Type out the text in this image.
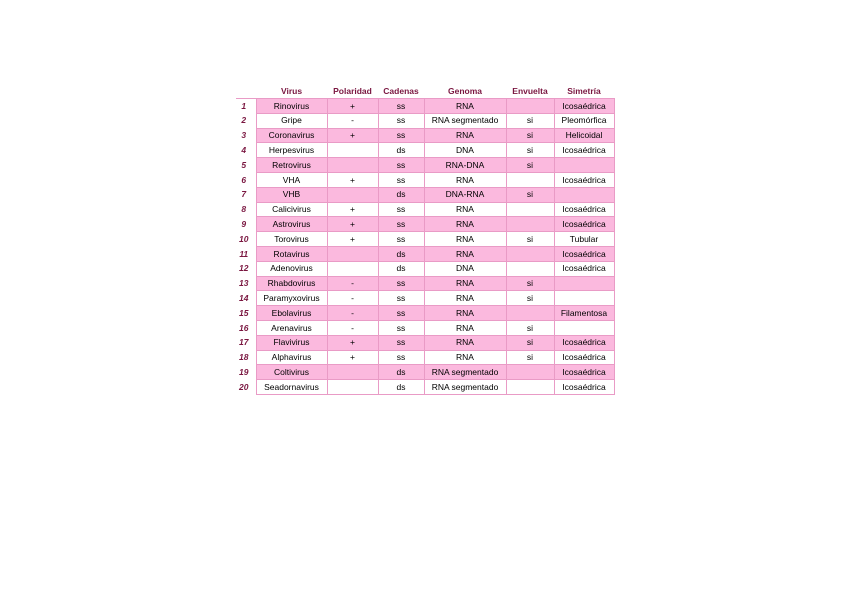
	Virus	Polaridad	Cadenas	Genoma	Envuelta	Simetría
1	Rinovirus	+	ss	RNA		Icosaédrica
2	Gripe	-	ss	RNA segmentado	si	Pleomórfica
3	Coronavirus	+	ss	RNA	si	Helicoidal
4	Herpesvirus		ds	DNA	si	Icosaédrica
5	Retrovirus		ss	RNA-DNA	si	
6	VHA	+	ss	RNA		Icosaédrica
7	VHB		ds	DNA-RNA	si	
8	Calicivirus	+	ss	RNA		Icosaédrica
9	Astrovirus	+	ss	RNA		Icosaédrica
10	Torovirus	+	ss	RNA	si	Tubular
11	Rotavirus		ds	RNA		Icosaédrica
12	Adenovirus		ds	DNA		Icosaédrica
13	Rhabdovirus	-	ss	RNA	si	
14	Paramyxovirus	-	ss	RNA	si	
15	Ebolavirus	-	ss	RNA		Filamentosa
16	Arenavirus	-	ss	RNA	si	
17	Flavivirus	+	ss	RNA	si	Icosaédrica
18	Alphavirus	+	ss	RNA	si	Icosaédrica
19	Coltivirus		ds	RNA segmentado		Icosaédrica
20	Seadornavirus		ds	RNA segmentado		Icosaédrica
